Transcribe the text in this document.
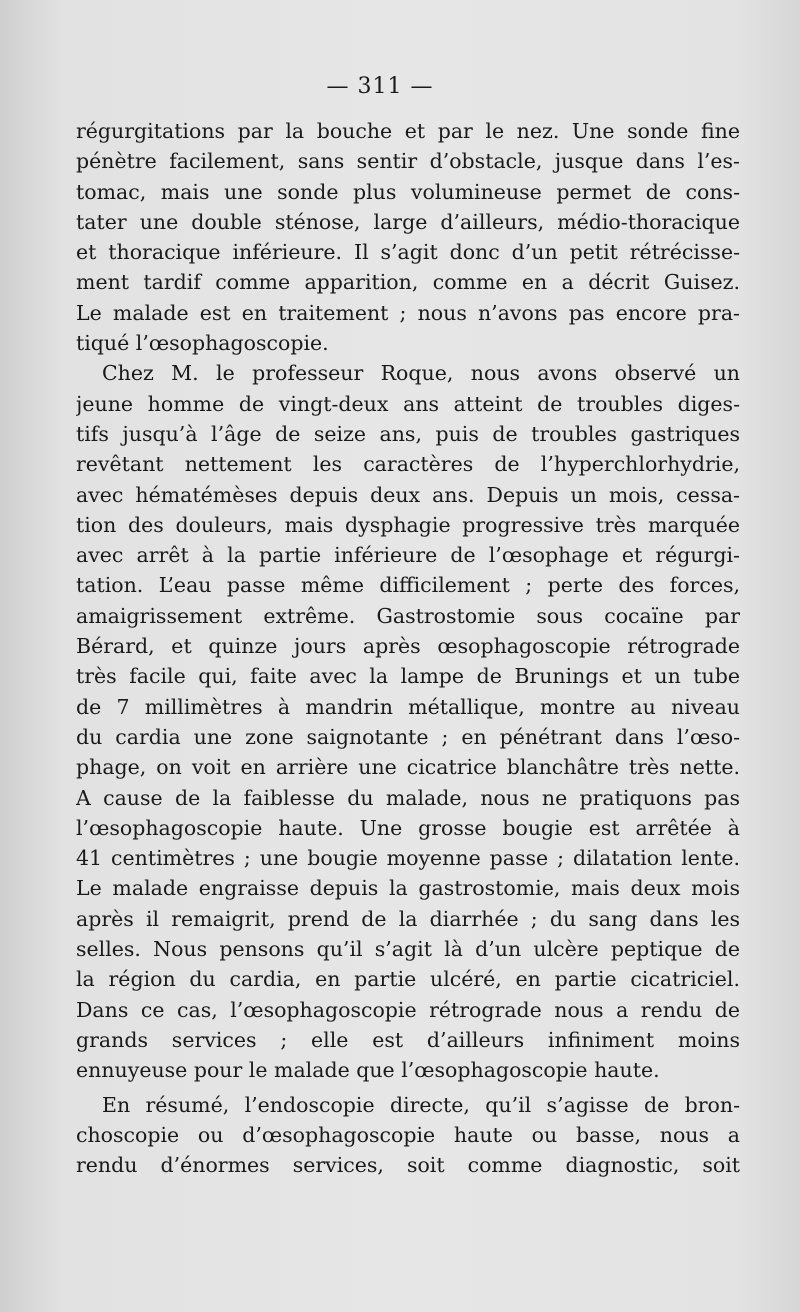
— 311 —
régurgitations par la bouche et par le nez. Une sonde fine
pénètre facilement, sans sentir d’obstacle, jusque dans l’es-
tomac, mais une sonde plus volumineuse permet de cons-
tater une double sténose, large d’ailleurs, médio-thoracique
et thoracique inférieure. Il s’agit donc d’un petit rétrécisse-
ment tardif comme apparition, comme en a décrit Guisez.
Le malade est en traitement ; nous n’avons pas encore pra-
tiqué l’œsophagoscopie.
Chez M. le professeur Roque, nous avons observé un
jeune homme de vingt-deux ans atteint de troubles diges-
tifs jusqu’à l’âge de seize ans, puis de troubles gastriques
revêtant nettement les caractères de l’hyperchlorhydrie,
avec hématémèses depuis deux ans. Depuis un mois, cessa-
tion des douleurs, mais dysphagie progressive très marquée
avec arrêt à la partie inférieure de l’œsophage et régurgi-
tation. L’eau passe même difficilement ; perte des forces,
amaigrissement extrême. Gastrostomie sous cocaïne par
Bérard, et quinze jours après œsophagoscopie rétrograde
très facile qui, faite avec la lampe de Brunings et un tube
de 7 millimètres à mandrin métallique, montre au niveau
du cardia une zone saignotante ; en pénétrant dans l’œso-
phage, on voit en arrière une cicatrice blanchâtre très nette.
A cause de la faiblesse du malade, nous ne pratiquons pas
l’œsophagoscopie haute. Une grosse bougie est arrêtée à
41 centimètres ; une bougie moyenne passe ; dilatation lente.
Le malade engraisse depuis la gastrostomie, mais deux mois
après il remaigrit, prend de la diarrhée ; du sang dans les
selles. Nous pensons qu’il s’agit là d’un ulcère peptique de
la région du cardia, en partie ulcéré, en partie cicatriciel.
Dans ce cas, l’œsophagoscopie rétrograde nous a rendu de
grands services ; elle est d’ailleurs infiniment moins
ennuyeuse pour le malade que l’œsophagoscopie haute.
En résumé, l’endoscopie directe, qu’il s’agisse de bron-
choscopie ou d’œsophagoscopie haute ou basse, nous a
rendu d’énormes services, soit comme diagnostic, soit
